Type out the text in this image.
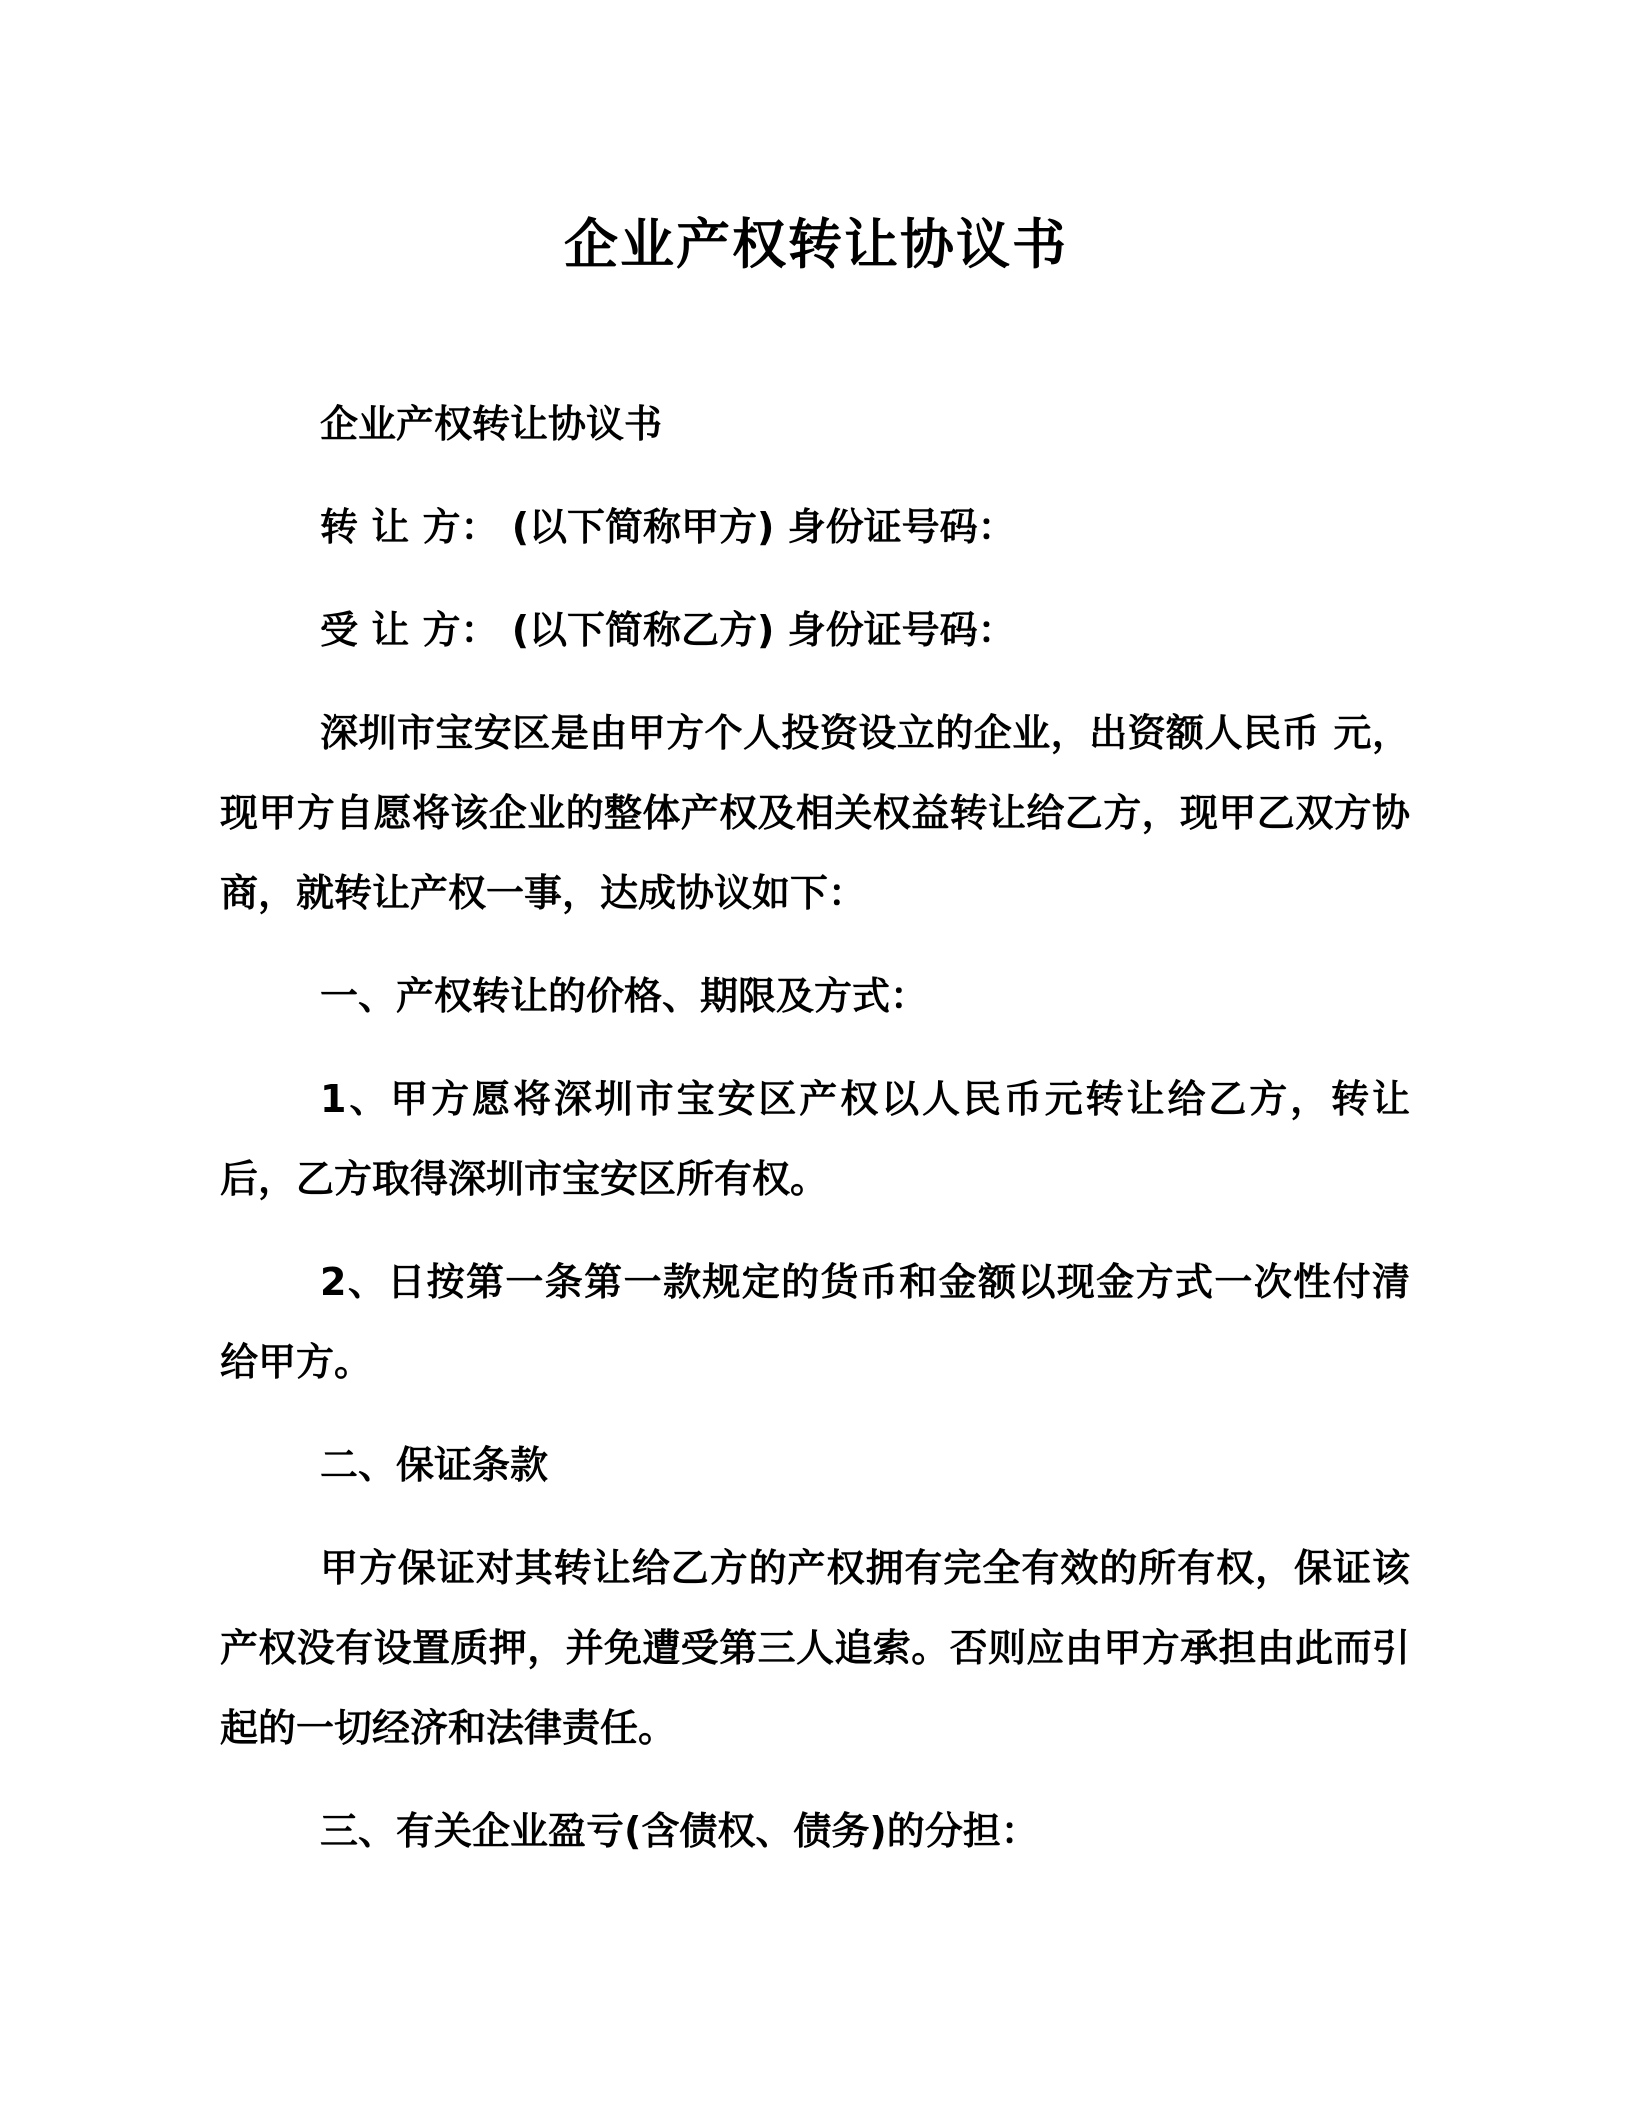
企业产权转让协议书

企业产权转让协议书

转 让 方： (以下简称甲方) 身份证号码：

受 让 方： (以下简称乙方) 身份证号码：

深圳市宝安区是由甲方个人投资设立的企业，出资额人民币 元，现甲方自愿将该企业的整体产权及相关权益转让给乙方，现甲乙双方协商，就转让产权一事，达成协议如下：

一、产权转让的价格、期限及方式：

1、甲方愿将深圳市宝安区产权以人民币元转让给乙方，转让后，乙方取得深圳市宝安区所有权。

2、日按第一条第一款规定的货币和金额以现金方式一次性付清给甲方。

二、保证条款

甲方保证对其转让给乙方的产权拥有完全有效的所有权，保证该产权没有设置质押，并免遭受第三人追索。否则应由甲方承担由此而引起的一切经济和法律责任。

三、有关企业盈亏(含债权、债务)的分担：
